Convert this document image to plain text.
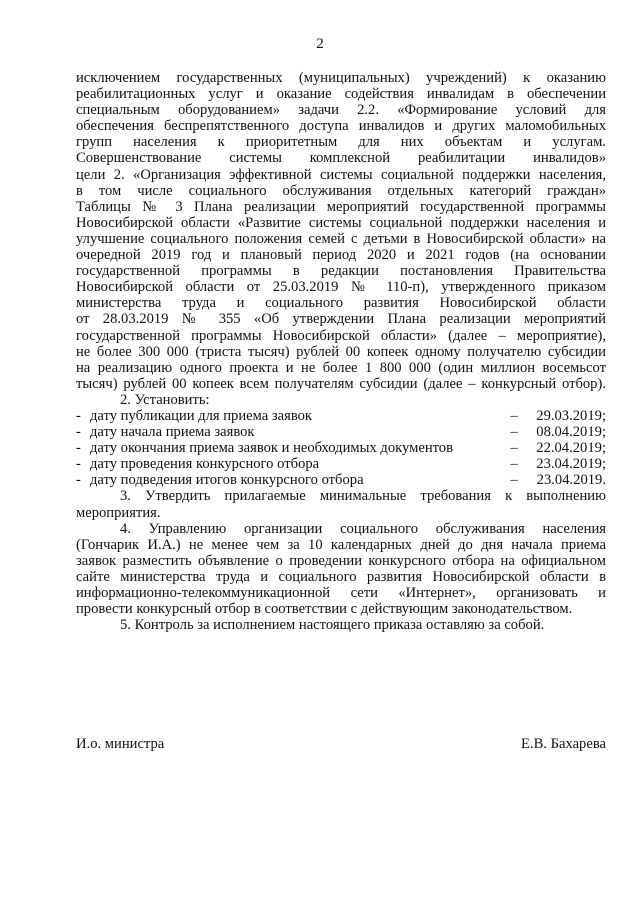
2

исключением государственных (муниципальных) учреждений) к оказанию

реабилитационных услуг и оказание содействия инвалидам в обеспечении

специальным оборудованием» задачи 2.2. «Формирование условий для

обеспечения беспрепятственного доступа инвалидов и других маломобильных

групп населения к приоритетным для них объектам и услугам.

Совершенствование системы комплексной реабилитации инвалидов»

цели 2. «Организация эффективной системы социальной поддержки населения,

в том числе социального обслуживания отдельных категорий граждан»

Таблицы № 3 Плана реализации мероприятий государственной программы

Новосибирской области «Развитие системы социальной поддержки населения и

улучшение социального положения семей с детьми в Новосибирской области» на

очередной 2019 год и плановый период 2020 и 2021 годов (на основании

государственной программы в редакции постановления Правительства

Новосибирской области от 25.03.2019 № 110-п), утвержденного приказом

министерства труда и социального развития Новосибирской области

от 28.03.2019 № 355 «Об утверждении Плана реализации мероприятий

государственной программы Новосибирской области» (далее – мероприятие),

не более 300 000 (триста тысяч) рублей 00 копеек одному получателю субсидии

на реализацию одного проекта и не более 1 800 000 (один миллион восемьсот

тысяч) рублей 00 копеек всем получателям субсидии (далее – конкурсный отбор).

2. Установить:

- дату публикации для приема заявок	–	29.03.2019;
- дату начала приема заявок	–	08.04.2019;
- дату окончания приема заявок и необходимых документов	–	22.04.2019;
- дату проведения конкурсного отбора	–	23.04.2019;
- дату подведения итогов конкурсного отбора	–	23.04.2019.

3. Утвердить прилагаемые минимальные требования к выполнению

мероприятия.

4. Управлению организации социального обслуживания населения

(Гончарик И.А.) не менее чем за 10 календарных дней до дня начала приема

заявок разместить объявление о проведении конкурсного отбора на официальном

сайте министерства труда и социального развития Новосибирской области в

информационно-телекоммуникационной сети «Интернет», организовать и

провести конкурсный отбор в соответствии с действующим законодательством.

5. Контроль за исполнением настоящего приказа оставляю за собой.

И.о. министра	Е.В. Бахарева
